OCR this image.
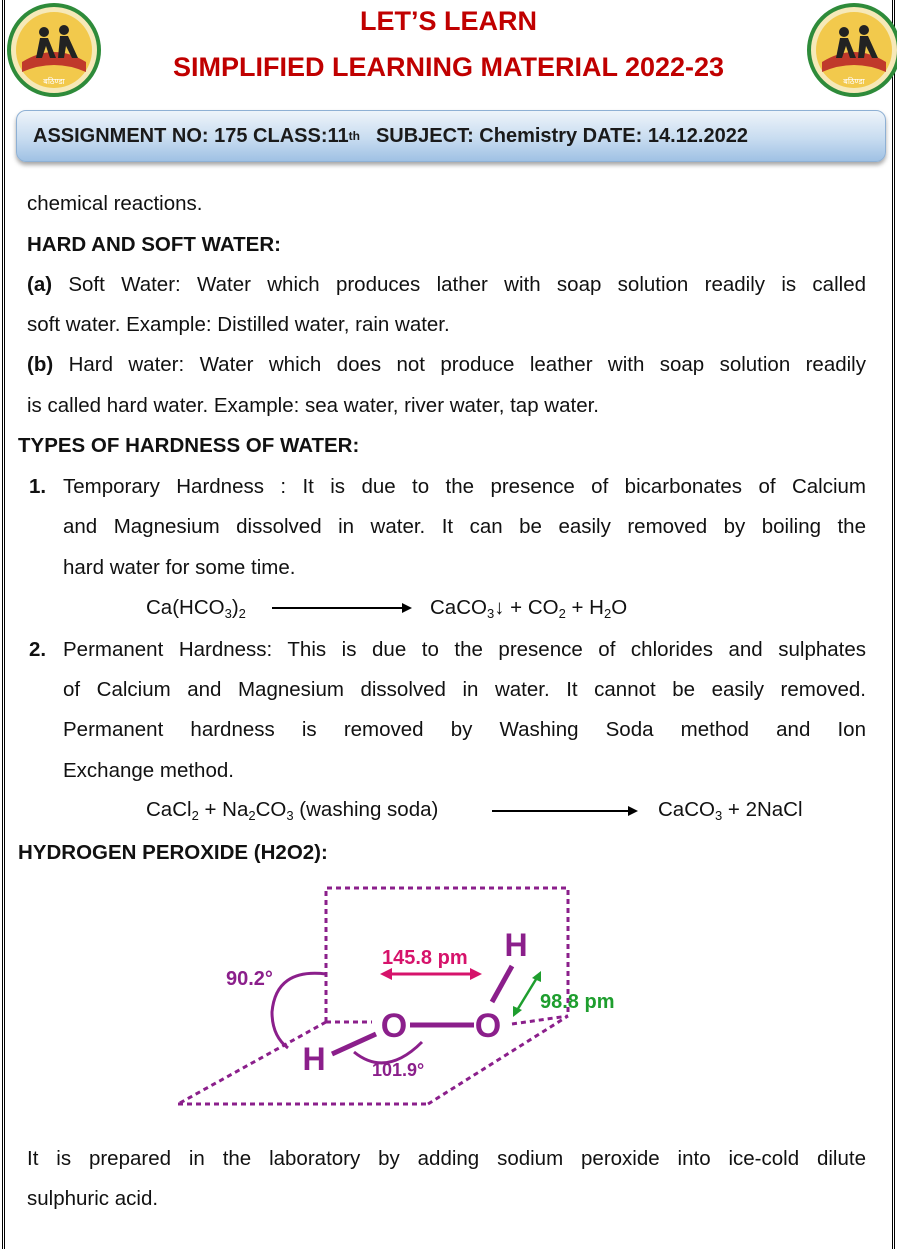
बठिण्डा	बठिण्डा
LET’S LEARN
SIMPLIFIED LEARNING MATERIAL 2022-23
ASSIGNMENT NO: 175 CLASS:11 th SUBJECT: Chemistry DATE: 14.12.2022
chemical reactions.
HARD AND SOFT WATER:
(a) Soft Water: Water which produces lather with soap solution readily is called
soft water. Example: Distilled water, rain water.
(b) Hard water: Water which does not produce leather with soap solution readily
is called hard water. Example: sea water, river water, tap water.
TYPES OF HARDNESS OF WATER:
1. Temporary Hardness : It is due to the presence of bicarbonates of Calcium
and Magnesium dissolved in water. It can be easily removed by boiling the
hard water for some time.
$Ca(HCO_3)_2$	CaCO$_3$↓ + $CO_2 + H_2O$
2. Permanent Hardness: This is due to the presence of chlorides and sulphates
of Calcium and Magnesium dissolved in water. It cannot be easily removed.
Permanent hardness is removed by Washing Soda method and Ion
Exchange method.
CaCl$_2$ + $Na_2CO_3$ (washing soda)	CaCO$_3$ + 2NaCl
HYDROGEN PEROXIDE (H2O2):
O O
H
H
90.2°
145.8 pm
98.8 pm
101.9°
It is prepared in the laboratory by adding sodium peroxide into ice-cold dilute
sulphuric acid.
